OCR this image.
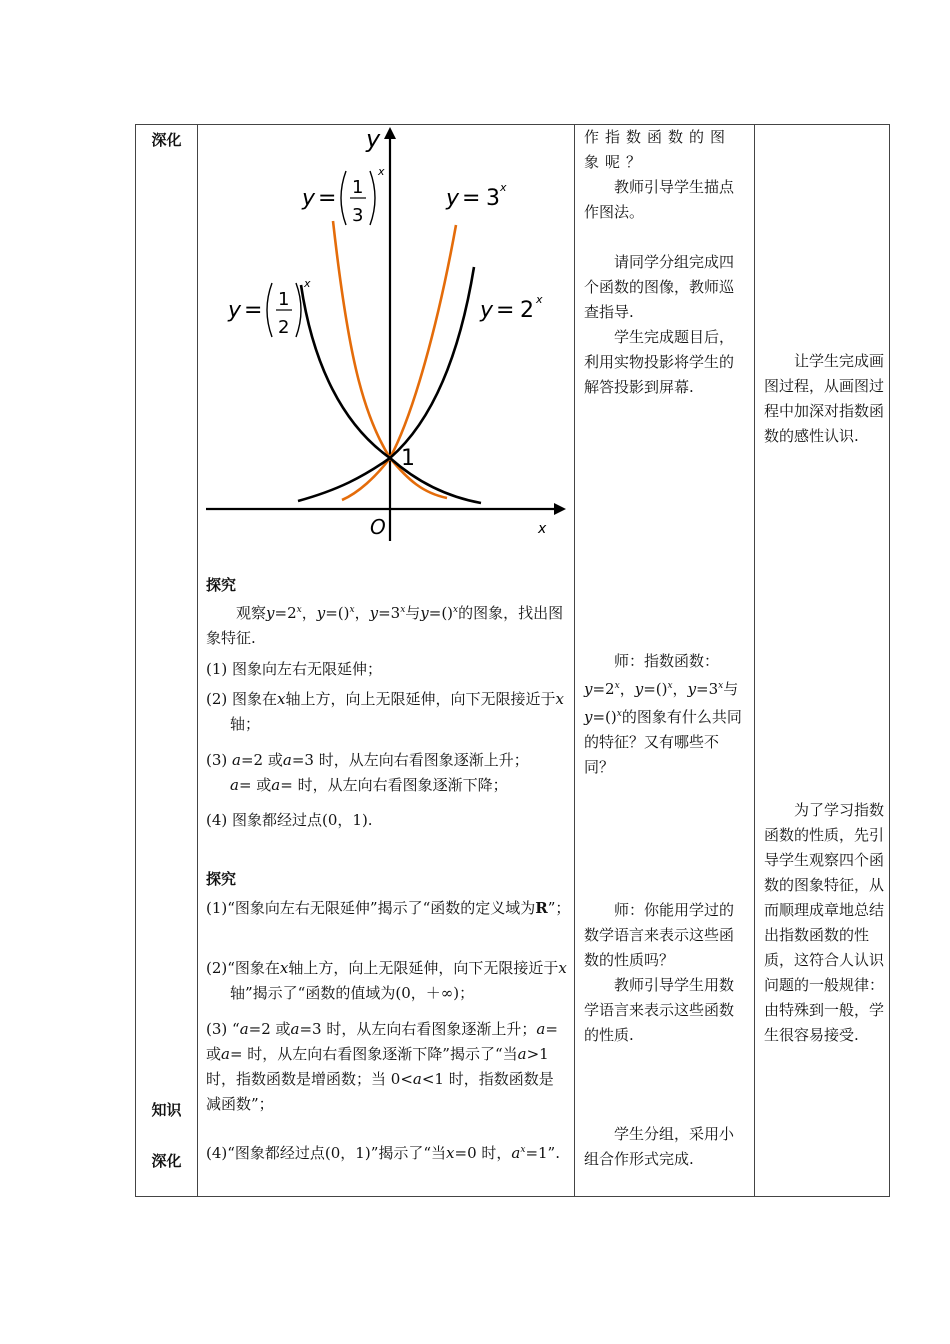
深化
知识
深化
y
x
O
1
y = 1
3
x
y = 3 x
y = 1
2
x
y = 2 x
探究
观察$y=2^x$，y=()$^x$，$y=3^x$与y=()$^x$的图象，找出图象特征.
(1) 图象向左右无限延伸；
(2) 图象在x轴上方，向上无限延伸，向下无限接近于x轴；
(3) a=2 或a=3 时，从左向右看图象逐渐上升；
a= 或a= 时，从左向右看图象逐渐下降；
(4) 图象都经过点(0，1).
探究
(1)“图象向左右无限延伸”揭示了“函数的定义域为R”；
(2)“图象在x轴上方，向上无限延伸，向下无限接近于x轴”揭示了“函数的值域为(0，＋∞)；
(3) “a=2 或a=3 时，从左向右看图象逐渐上升；a= 或a= 时，从左向右看图象逐渐下降”揭示了“当a>1 时，指数函数是增函数；当 0<a<1 时，指数函数是减函数”；
(4)“图象都经过点(0，1)”揭示了“当x=0 时，$a^x=1$”.
作指数函数的图象呢？
教师引导学生描点作图法。
请同学分组完成四个函数的图像，教师巡查指导.
学生完成题目后，利用实物投影将学生的解答投影到屏幕.
师：指数函数：
$y=2^x$，y=()$^x$，$y=3^x$与y=()$^x$的图象有什么共同的特征？又有哪些不同？
师：你能用学过的数学语言来表示这些函数的性质吗？
教师引导学生用数学语言来表示这些函数的性质.
学生分组，采用小组合作形式完成.
让学生完成画图过程，从画图过程中加深对指数函数的感性认识.
为了学习指数函数的性质，先引导学生观察四个函数的图象特征，从而顺理成章地总结出指数函数的性质，这符合人认识问题的一般规律：由特殊到一般，学生很容易接受.
